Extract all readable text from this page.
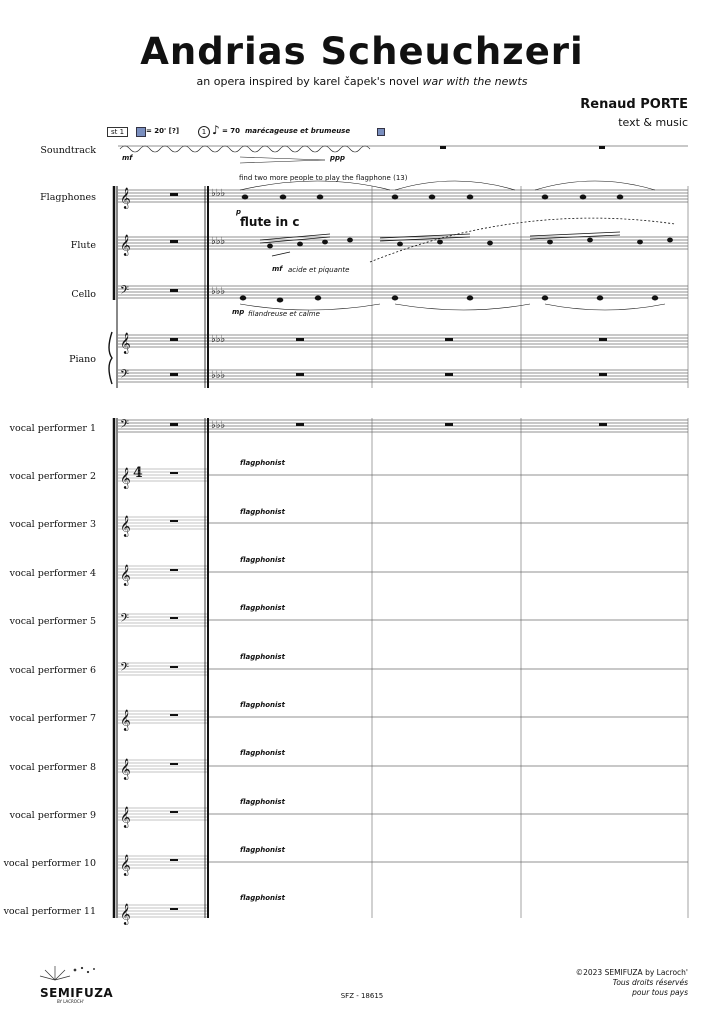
Andrias Scheuchzeri
an opera inspired by karel čapek's novel war with the newts
Renaud PORTE
text & music
Soundtrack
Flagphones
Flute
Cello
Piano
vocal performer 1
vocal performer 2
vocal performer 3
vocal performer 4
vocal performer 5
vocal performer 6
vocal performer 7
vocal performer 8
vocal performer 9
vocal performer 10
vocal performer 11
st 1	= 20' [?]	1 ♪ = 70 marécageuse et brumeuse
mf	ppp
find two more people to play the flagphone (13)
p
flute in c
mf acide et piquante
mp filandreuse et calme
flagphonist
flagphonist
flagphonist
flagphonist
flagphonist
flagphonist
flagphonist
flagphonist
flagphonist
flagphonist
4
𝄞
𝄞
𝄢
𝄞
𝄢
𝄢
𝄞
𝄞
𝄞
𝄢
𝄢
𝄞
𝄞
𝄞
𝄞
𝄞
♭♭♭
♭♭♭
♭♭♭
♭♭♭
♭♭♭
♭♭♭
SEMIFUZA
BY LACROCH'
©2023 SEMIFUZA by Lacroch'
Tous droits réservés
pour tous pays
SFZ - 18615
